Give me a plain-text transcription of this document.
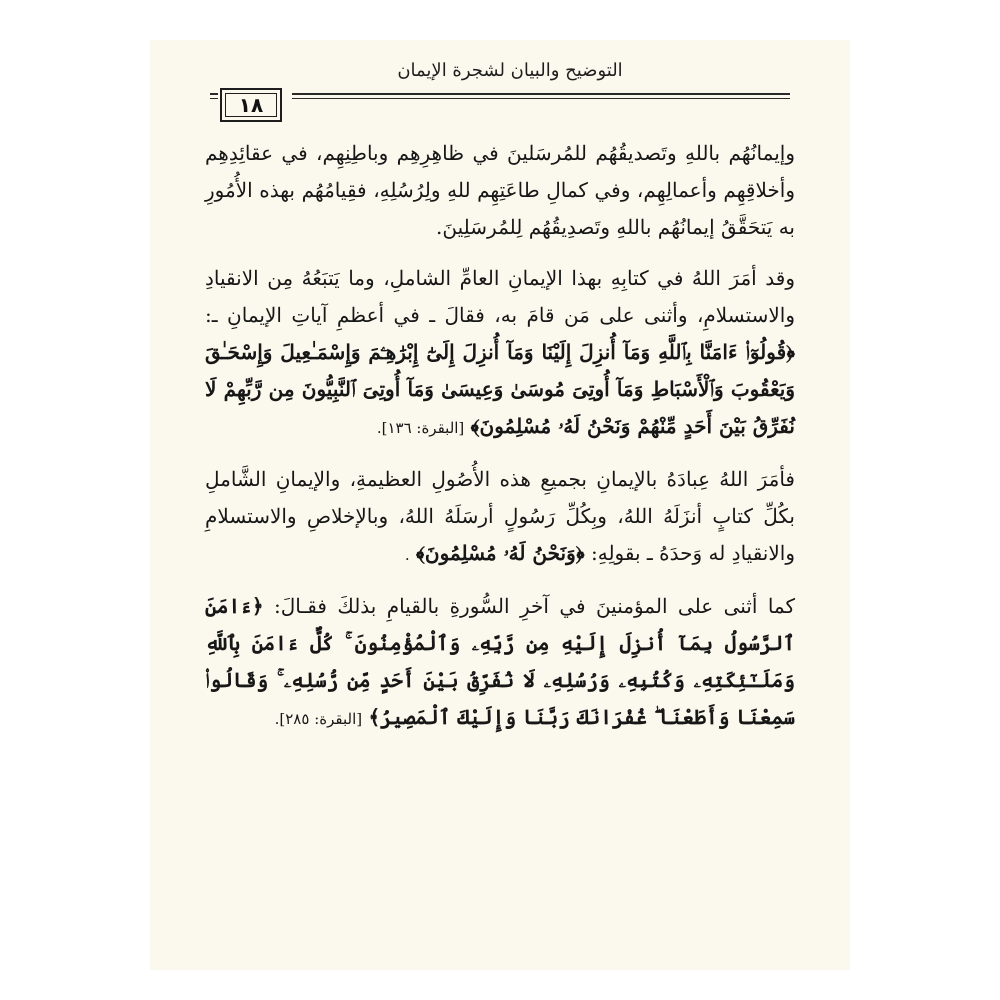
التوضيح والبيان لشجرة الإيمان
١٨

وإيمانُهُم باللهِ وتَصديقُهُم للمُرسَلينَ في ظاهِرِهِم وباطِنِهِم، في عقائِدِهِم وأخلاقِهِم وأعمالِهِم، وفي كمالِ طاعَتِهِم للهِ ولِرُسُلِهِ، فقِيامُهُم بهذه الأُمُورِ به يَتحَقَّقُ إيمانُهُم باللهِ وتَصدِيقُهُم لِلمُرسَلِينَ.

وقد أمَرَ اللهُ في كتابِهِ بهذا الإيمانِ العامِّ الشاملِ، وما يَتبَعُهُ مِن الانقيادِ والاستسلامِ، وأثنى على مَن قامَ به، فقالَ ـ في أعظمِ آياتِ الإيمانِ ـ: ﴿قُولُوٓا۟ ءَامَنَّا بِٱللَّهِ وَمَآ أُنزِلَ إِلَيْنَا وَمَآ أُنزِلَ إِلَىٰٓ إِبْرَٰهِـۧمَ وَإِسْمَـٰعِيلَ وَإِسْحَـٰقَ وَيَعْقُوبَ وَٱلْأَسْبَاطِ وَمَآ أُوتِىَ مُوسَىٰ وَعِيسَىٰ وَمَآ أُوتِىَ ٱلنَّبِيُّونَ مِن رَّبِّهِمْ لَا نُفَرِّقُ بَيْنَ أَحَدٍ مِّنْهُمْ وَنَحْنُ لَهُۥ مُسْلِمُونَ﴾ [البقرة: ١٣٦].

فأمَرَ اللهُ عِبادَهُ بالإيمانِ بجميعِ هذه الأُصُولِ العظيمةِ، والإيمانِ الشَّاملِ بكُلِّ كتابٍ أنزَلَهُ اللهُ، وبِكُلِّ رَسُولٍ أرسَلَهُ اللهُ، وبالإخلاصِ والاستسلامِ والانقيادِ له وَحدَهُ ـ بقولِهِ: ﴿وَنَحْنُ لَهُۥ مُسْلِمُونَ﴾ .

كما أثنى على المؤمنينَ في آخرِ السُّورةِ بالقيامِ بذلكَ فقـالَ: ﴿ءَامَنَ ٱلرَّسُولُ بِمَآ أُنزِلَ إِلَيْهِ مِن رَّبِّهِۦ وَٱلْمُؤْمِنُونَ ۚ كُلٌّ ءَامَنَ بِٱللَّهِ وَمَلَـٰٓئِكَتِهِۦ وَكُتُبِهِۦ وَرُسُلِهِۦ لَا نُفَرِّقُ بَيْنَ أَحَدٍ مِّن رُّسُلِهِۦ ۚ وَقَالُوا۟ سَمِعْنَا وَأَطَعْنَا ۖ غُفْرَانَكَ رَبَّنَا وَإِلَيْكَ ٱلْمَصِيرُ﴾ [البقرة: ٢٨٥].
